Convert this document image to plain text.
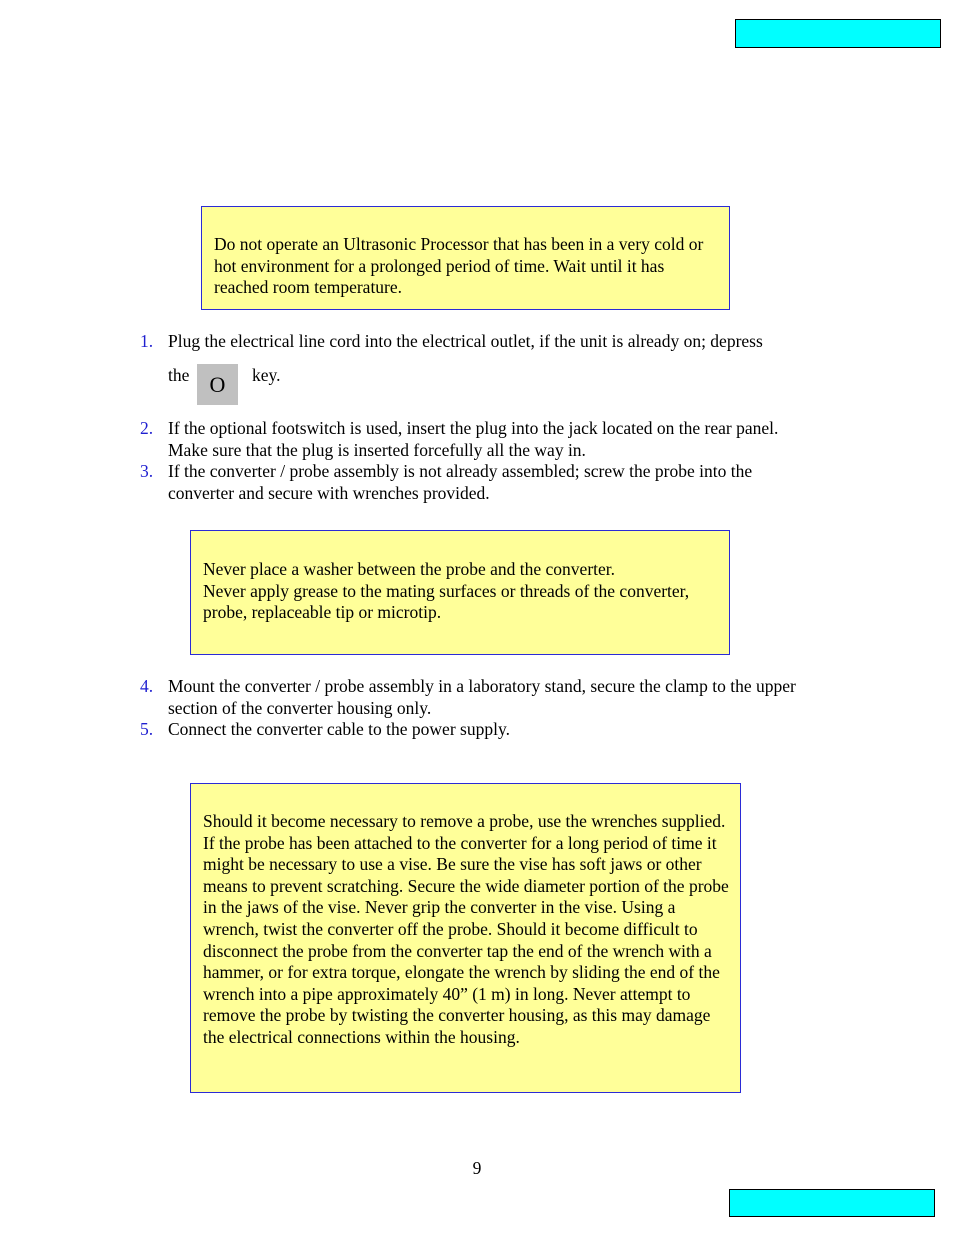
Do not operate an Ultrasonic Processor that has been in a very cold or hot environment for a prolonged period of time. Wait until it has reached room temperature.
1. Plug the electrical line cord into the electrical outlet, if the unit is already on; depress
the O	key.
2. If the optional footswitch is used, insert the plug into the jack located on the rear panel. Make sure that the plug is inserted forcefully all the way in.
3. If the converter / probe assembly is not already assembled; screw the probe into the converter and secure with wrenches provided.
Never place a washer between the probe and the converter.
Never apply grease to the mating surfaces or threads of the converter, probe, replaceable tip or microtip.
4. Mount the converter / probe assembly in a laboratory stand, secure the clamp to the upper section of the converter housing only.
5. Connect the converter cable to the power supply.
Should it become necessary to remove a probe, use the wrenches supplied. If the probe has been attached to the converter for a long period of time it might be necessary to use a vise. Be sure the vise has soft jaws or other means to prevent scratching. Secure the wide diameter portion of the probe in the jaws of the vise. Never grip the converter in the vise. Using a wrench, twist the converter off the probe. Should it become difficult to disconnect the probe from the converter tap the end of the wrench with a hammer, or for extra torque, elongate the wrench by sliding the end of the wrench into a pipe approximately 40” (1 m) in long. Never attempt to remove the probe by twisting the converter housing, as this may damage the electrical connections within the housing.
9
